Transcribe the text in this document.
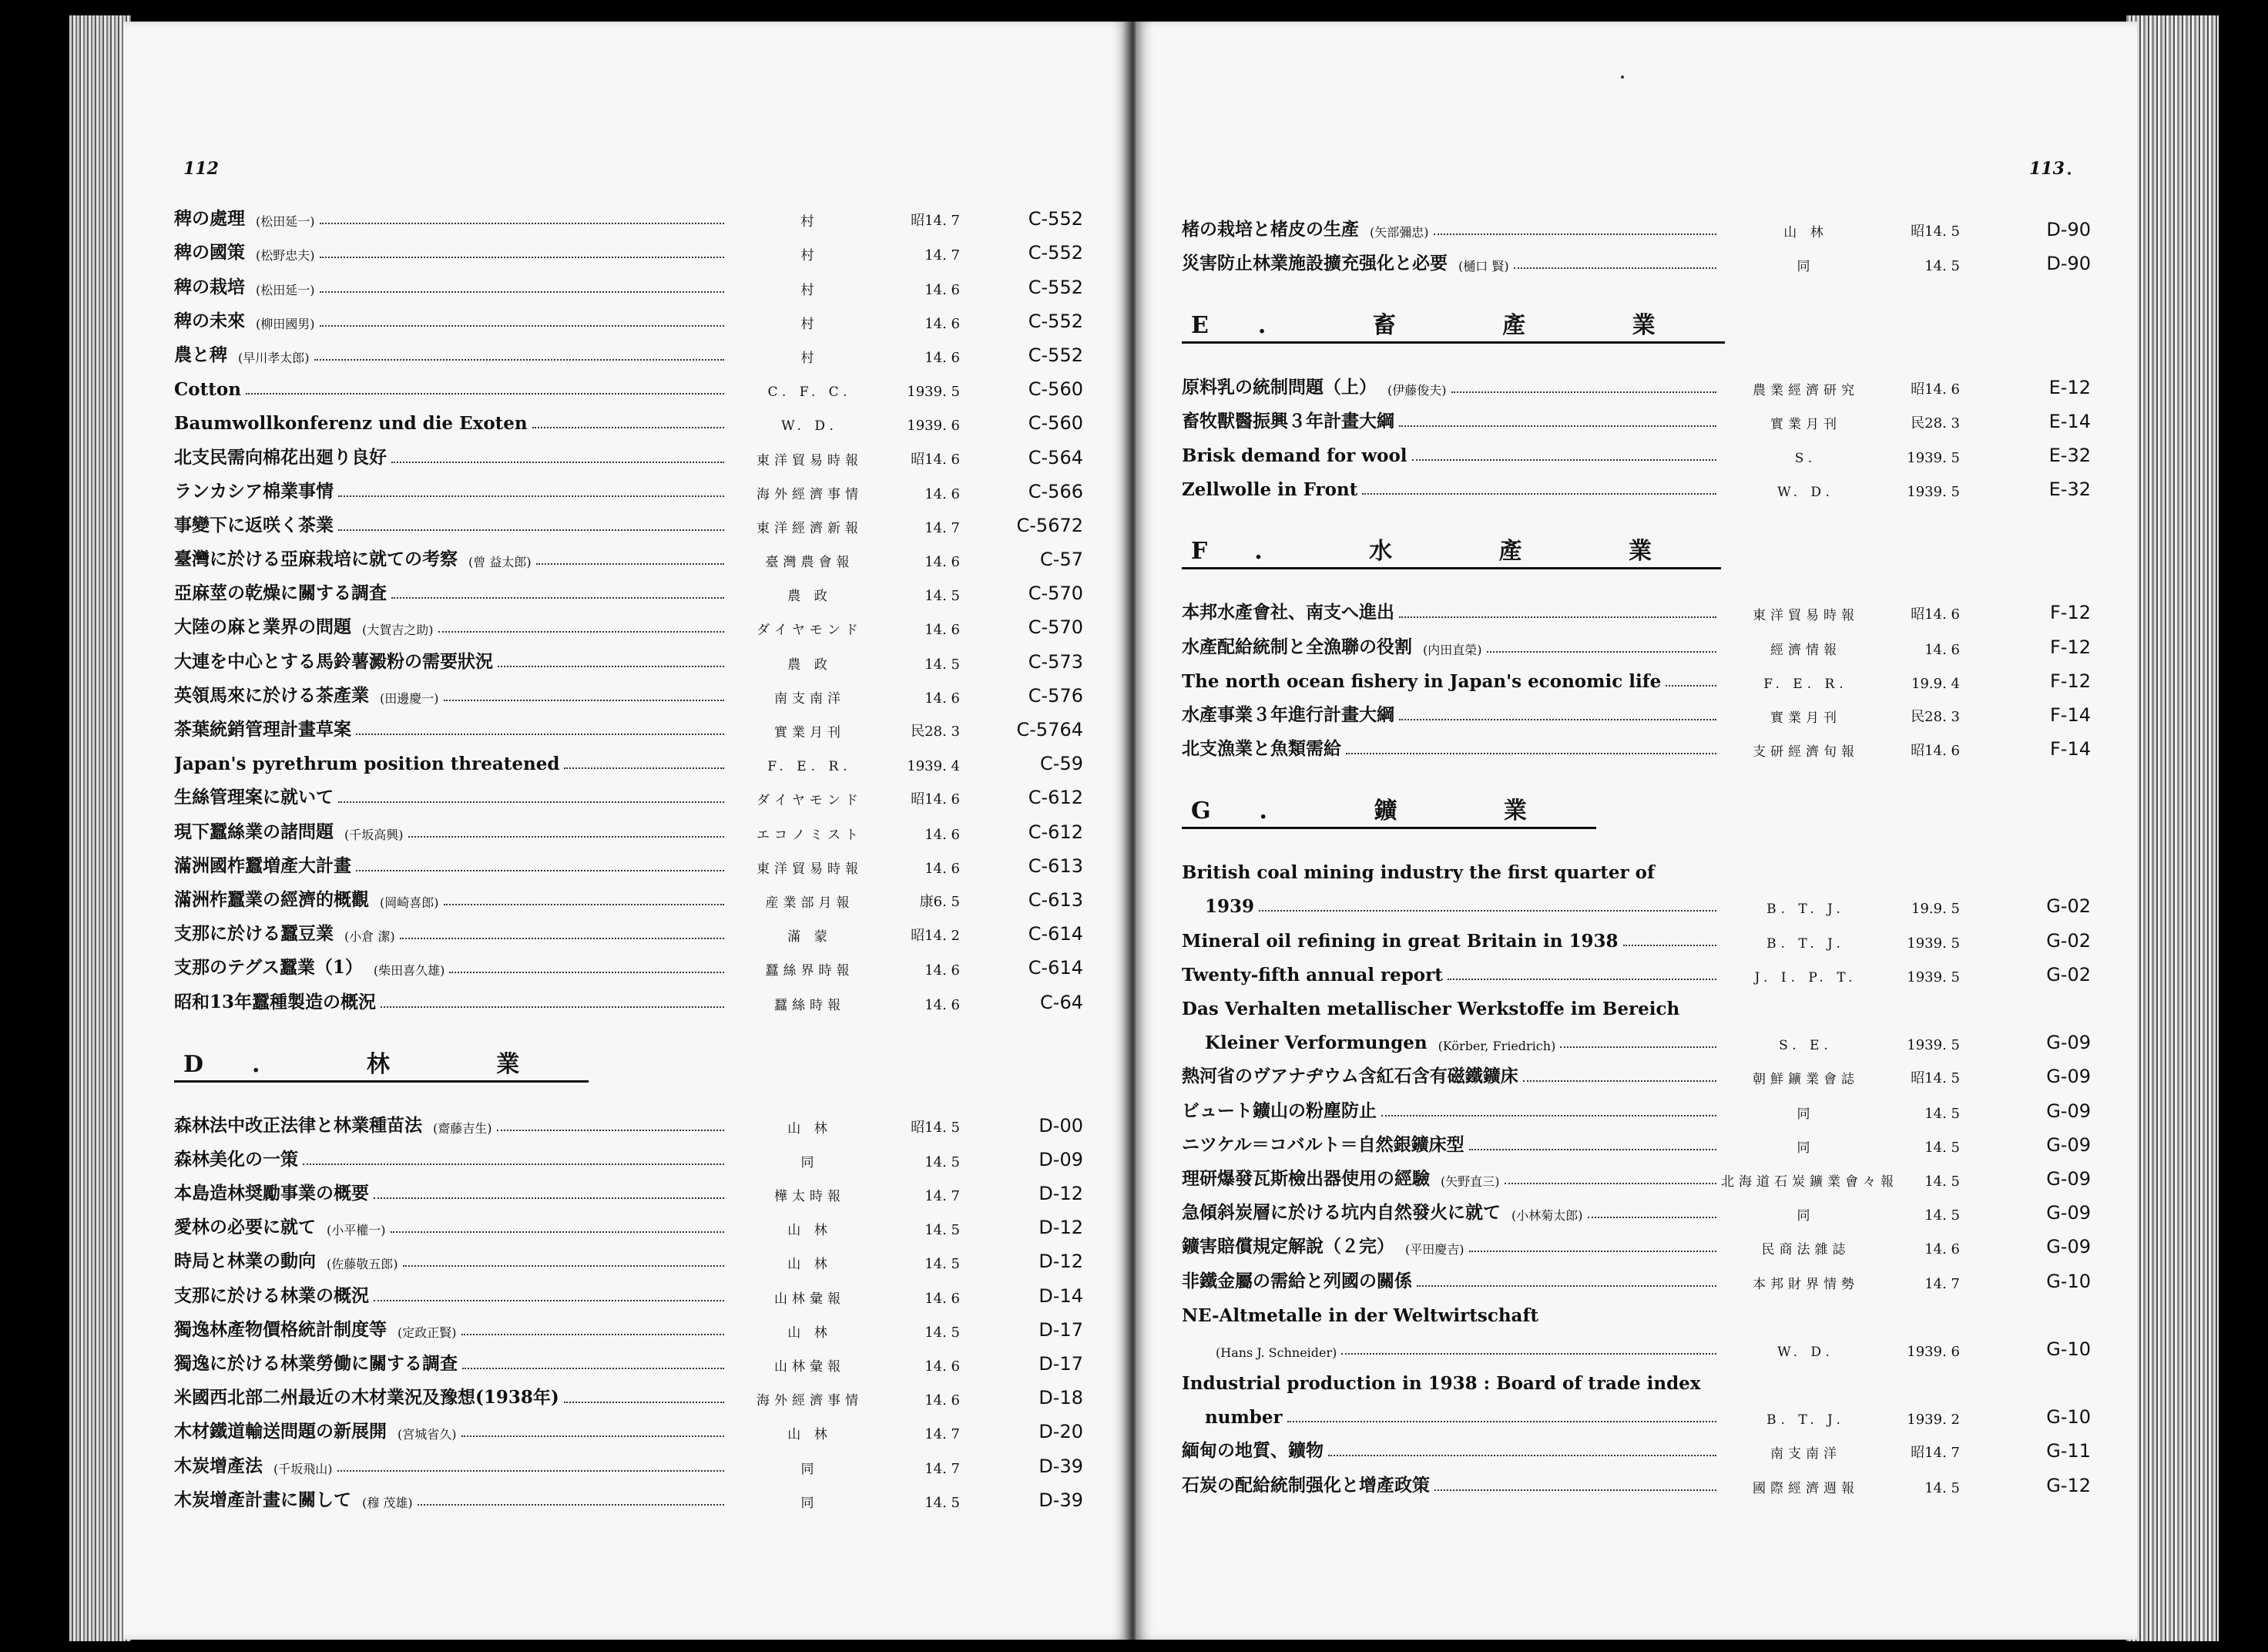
112
稗の處理 (松田延一)	村	昭14. 7	C-552
稗の國策 (松野忠夫)	村	14. 7	C-552
稗の栽培 (松田延一)	村	14. 6	C-552
稗の未來 (柳田國男)	村	14. 6	C-552
農と稗 (早川孝太郎)	村	14. 6	C-552
Cotton	C. F. C.	1939. 5	C-560
Baumwollkonferenz und die Exoten	W. D.	1939. 6	C-560
北支民需向棉花出廻り良好	東洋貿易時報	昭14. 6	C-564
ランカシア棉業事情	海外經濟事情	14. 6	C-566
事變下に返咲く茶業	東洋經濟新報	14. 7	C-5672
臺灣に於ける亞麻栽培に就ての考察 (曾 益太郎)	臺灣農會報	14. 6	C-57
亞麻莖の乾燥に關する調査	農 政	14. 5	C-570
大陸の麻と業界の問題 (大賀吉之助)	ダイヤモンド	14. 6	C-570
大連を中心とする馬鈴薯澱粉の需要狀況	農 政	14. 5	C-573
英領馬來に於ける茶產業 (田邊慶一)	南支南洋	14. 6	C-576
茶葉統銷管理計畫草案	實業月刊	民28. 3	C-5764
Japan's pyrethrum position threatened	F. E. R.	1939. 4	C-59
生絲管理案に就いて	ダイヤモンド	昭14. 6	C-612
現下蠶絲業の諸問題 (千坂高興)	エコノミスト	14. 6	C-612
滿洲國柞蠶増產大計畫	東洋貿易時報	14. 6	C-613
滿洲柞蠶業の經濟的概觀 (岡崎喜郎)	産業部月報	康6. 5	C-613
支那に於ける蠶豆業 (小倉 潔)	滿 蒙	昭14. 2	C-614
支那のテグス蠶業（1） (柴田喜久雄)	蠶絲界時報	14. 6	C-614
昭和13年蠶種製造の概況	蠶絲時報	14. 6	C-64
D. 林 業
森林法中改正法律と林業種苗法 (齋藤吉生)	山 林	昭14. 5	D-00
森林美化の一策	同	14. 5	D-09
本島造林奨勵事業の概要	樺太時報	14. 7	D-12
愛林の必要に就て (小平權一)	山 林	14. 5	D-12
時局と林業の動向 (佐藤敬五郎)	山 林	14. 5	D-12
支那に於ける林業の概況	山林彙報	14. 6	D-14
獨逸林產物價格統計制度等 (定政正賢)	山 林	14. 5	D-17
獨逸に於ける林業勞働に關する調查	山林彙報	14. 6	D-17
米國西北部二州最近の木材業況及豫想(1938年)	海外經濟事情	14. 6	D-18
木材鐵道輸送問題の新展開 (宮城省久)	山 林	14. 7	D-20
木炭增產法 (千坂飛山)	同	14. 7	D-39
木炭增產計畫に關して (穆 茂雄)	同	14. 5	D-39
113
楮の栽培と楮皮の生產 (矢部彌忠)	山 林	昭14. 5	D-90
災害防止林業施設擴充强化と必要 (樋口 賢)	同	14. 5	D-90
E. 畜 產 業
原料乳の統制問題（上） (伊藤俊夫)	農業經濟研究	昭14. 6	E-12
畜牧獸醫振興３年計畫大綱	實業月刊	民28. 3	E-14
Brisk demand for wool	S.	1939. 5	E-32
Zellwolle in Front	W. D.	1939. 5	E-32
F. 水 產 業
本邦水產會社、南支へ進出	東洋貿易時報	昭14. 6	F-12
水產配給統制と全漁聯の役割 (内田直榮)	經濟情報	14. 6	F-12
The north ocean fishery in Japan's economic life	F. E. R.	19.9. 4	F-12
水產事業３年進行計畫大綱	實業月刊	民28. 3	F-14
北支漁業と魚類需給	支研經濟旬報	昭14. 6	F-14
G. 鑛 業
British coal mining industry the first quarter of
1939	B. T. J.	19.9. 5	G-02
Mineral oil refining in great Britain in 1938	B. T. J.	1939. 5	G-02
Twenty-fifth annual report	J. I. P. T.	1939. 5	G-02
Das Verhalten metallischer Werkstoffe im Bereich
Kleiner Verformungen (Körber, Friedrich)	S. E.	1939. 5	G-09
熱河省のヴアナヂウム含紅石含有磁鐵鑛床	朝鮮鑛業會誌	昭14. 5	G-09
ビュート鑛山の粉塵防止	同	14. 5	G-09
ニツケル＝コバルト＝自然銀鑛床型	同	14. 5	G-09
理研爆發瓦斯檢出器使用の經驗 (矢野直三)	北海道石炭鑛業會々報	14. 5	G-09
急傾斜炭層に於ける坑内自然發火に就て (小林菊太郎)	同	14. 5	G-09
鑛害賠償規定解說（２完） (平田慶吉)	民商法雜誌	14. 6	G-09
非鐵金屬の需給と列國の關係	本邦財界情勢	14. 7	G-10
NE-Altmetalle in der Weltwirtschaft
(Hans J. Schneider)	W. D.	1939. 6	G-10
Industrial production in 1938 : Board of trade index
number	B. T. J.	1939. 2	G-10
緬甸の地質、鑛物	南支南洋	昭14. 7	G-11
石炭の配給統制强化と增產政策	國際經濟週報	14. 5	G-12
